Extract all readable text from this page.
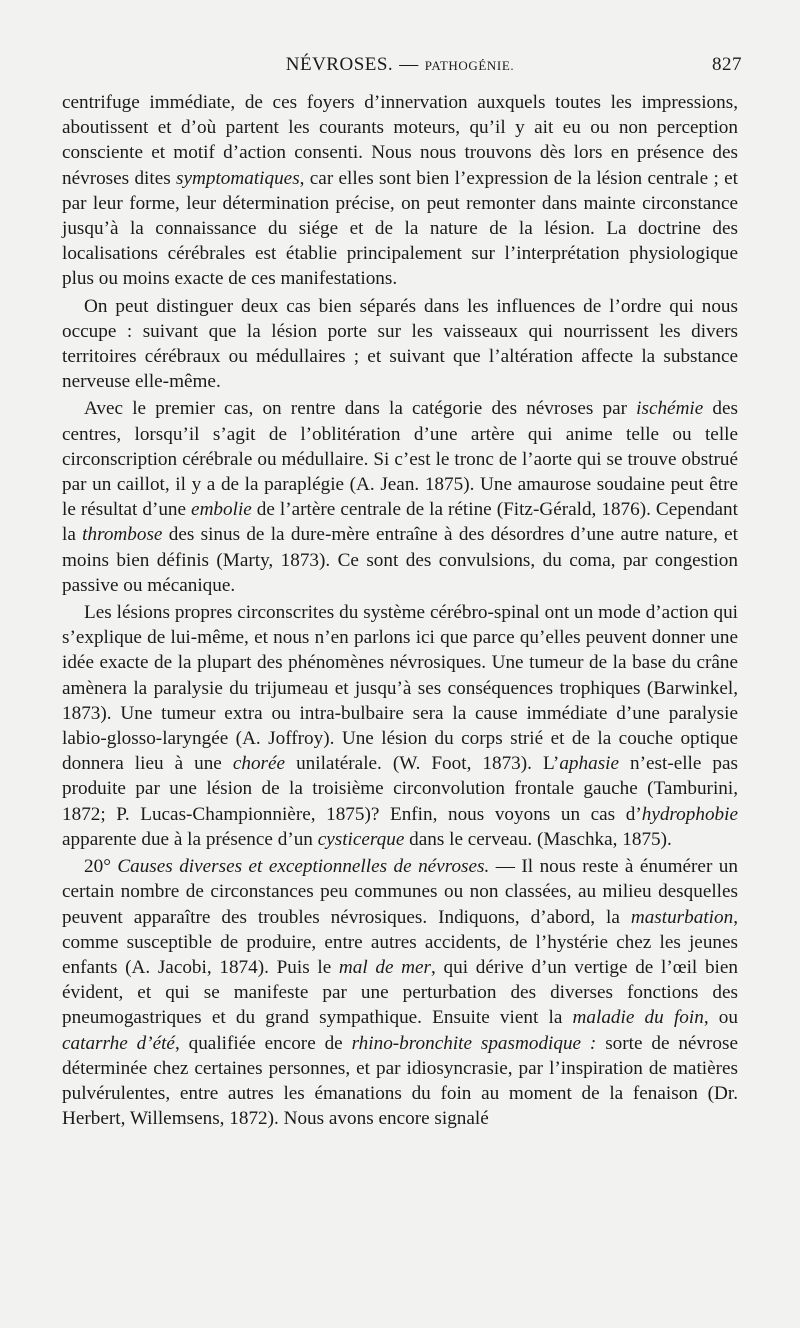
NÉVROSES. — PATHOGÉNIE.	827

centrifuge immédiate, de ces foyers d’innervation auxquels toutes les impressions, aboutissent et d’où partent les courants moteurs, qu’il y ait eu ou non perception consciente et motif d’action consenti. Nous nous trouvons dès lors en présence des névroses dites symptomatiques, car elles sont bien l’expression de la lésion centrale ; et par leur forme, leur détermination précise, on peut remonter dans mainte circonstance jusqu’à la connaissance du siége et de la nature de la lésion. La doctrine des localisations cérébrales est établie principalement sur l’interprétation physiologique plus ou moins exacte de ces manifestations.

On peut distinguer deux cas bien séparés dans les influences de l’ordre qui nous occupe : suivant que la lésion porte sur les vaisseaux qui nourrissent les divers territoires cérébraux ou médullaires ; et suivant que l’altération affecte la substance nerveuse elle-même.

Avec le premier cas, on rentre dans la catégorie des névroses par ischémie des centres, lorsqu’il s’agit de l’oblitération d’une artère qui anime telle ou telle circonscription cérébrale ou médullaire. Si c’est le tronc de l’aorte qui se trouve obstrué par un caillot, il y a de la paraplégie (A. Jean. 1875). Une amaurose soudaine peut être le résultat d’une embolie de l’artère centrale de la rétine (Fitz-Gérald, 1876). Cependant la thrombose des sinus de la dure-mère entraîne à des désordres d’une autre nature, et moins bien définis (Marty, 1873). Ce sont des convulsions, du coma, par congestion passive ou mécanique.

Les lésions propres circonscrites du système cérébro-spinal ont un mode d’action qui s’explique de lui-même, et nous n’en parlons ici que parce qu’elles peuvent donner une idée exacte de la plupart des phénomènes névrosiques. Une tumeur de la base du crâne amènera la paralysie du trijumeau et jusqu’à ses conséquences trophiques (Barwinkel, 1873). Une tumeur extra ou intra-bulbaire sera la cause immédiate d’une paralysie labio-glosso-laryngée (A. Joffroy). Une lésion du corps strié et de la couche optique donnera lieu à une chorée unilatérale. (W. Foot, 1873). L’aphasie n’est-elle pas produite par une lésion de la troisième circonvolution frontale gauche (Tamburini, 1872; P. Lucas-Championnière, 1875)? Enfin, nous voyons un cas d’hydrophobie apparente due à la présence d’un cysticerque dans le cerveau. (Maschka, 1875).

20° Causes diverses et exceptionnelles de névroses. — Il nous reste à énumérer un certain nombre de circonstances peu communes ou non classées, au milieu desquelles peuvent apparaître des troubles névrosiques. Indiquons, d’abord, la masturbation, comme susceptible de produire, entre autres accidents, de l’hystérie chez les jeunes enfants (A. Jacobi, 1874). Puis le mal de mer, qui dérive d’un vertige de l’œil bien évident, et qui se manifeste par une perturbation des diverses fonctions des pneumogastriques et du grand sympathique. Ensuite vient la maladie du foin, ou catarrhe d’été, qualifiée encore de rhino-bronchite spasmodique : sorte de névrose déterminée chez certaines personnes, et par idiosyncrasie, par l’inspiration de matières pulvérulentes, entre autres les émanations du foin au moment de la fenaison (Dr. Herbert, Willemsens, 1872). Nous avons encore signalé
